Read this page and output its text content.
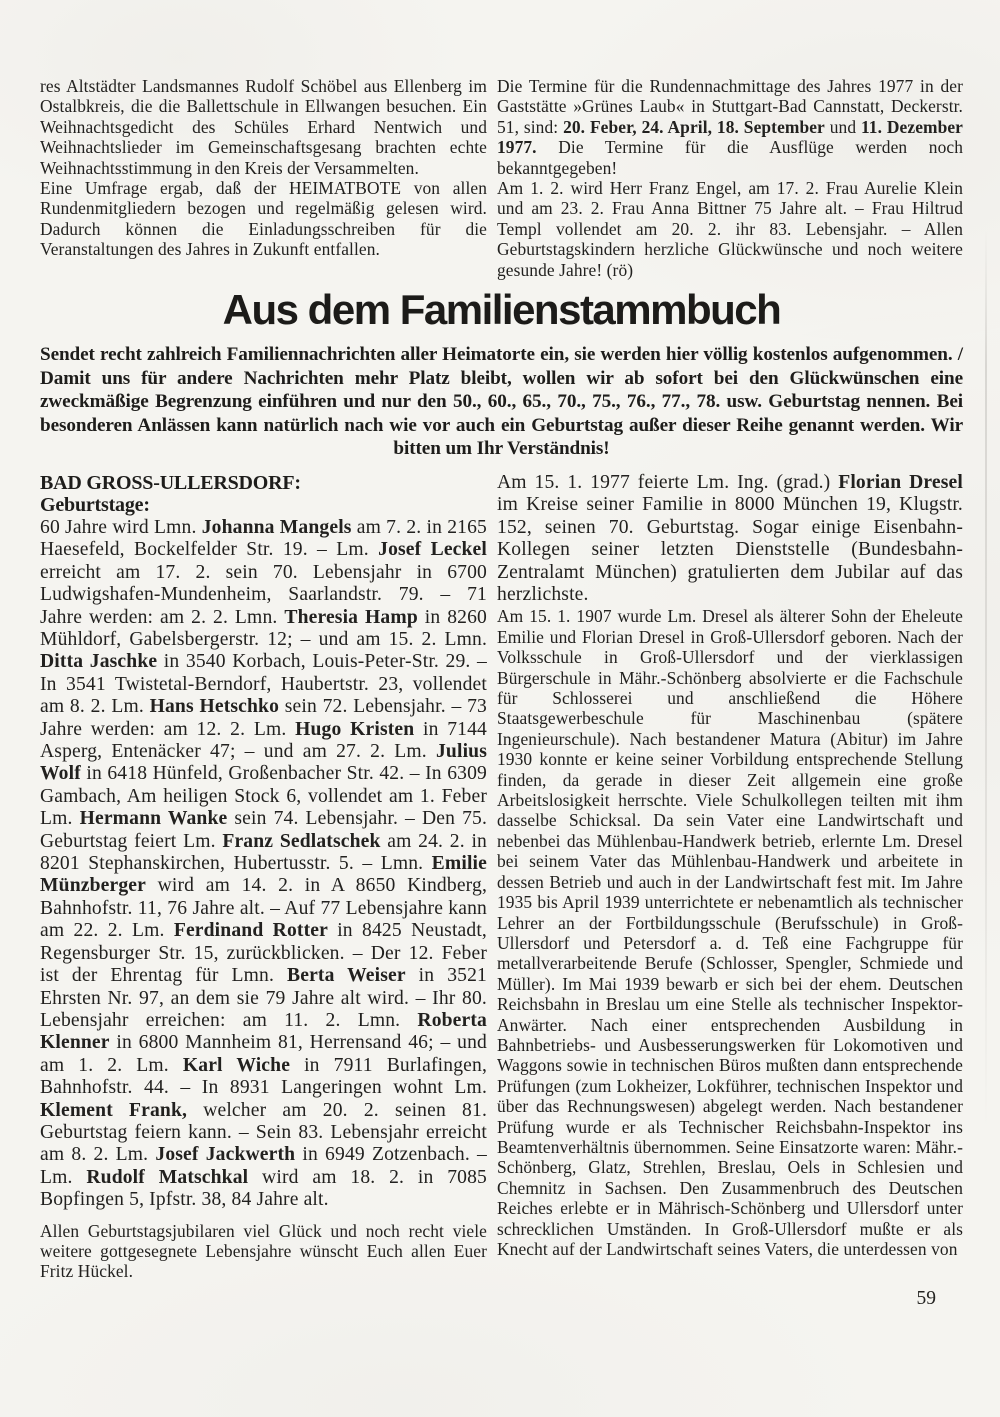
res Altstädter Landsmannes Rudolf Schöbel aus Ellenberg im Ostalbkreis, die die Ballettschule in Ellwangen besuchen. Ein Weihnachtsgedicht des Schüles Erhard Nentwich und Weihnachtslieder im Gemeinschaftsgesang brachten echte Weihnachtsstimmung in den Kreis der Versammelten.

Eine Umfrage ergab, daß der HEIMATBOTE von allen Rundenmitgliedern bezogen und regelmäßig gelesen wird. Dadurch können die Einladungsschreiben für die Veranstaltungen des Jahres in Zukunft entfallen.

Die Termine für die Rundennachmittage des Jahres 1977 in der Gaststätte »Grünes Laub« in Stuttgart-Bad Cannstatt, Deckerstr. 51, sind: 20. Feber, 24. April, 18. September und 11. Dezember 1977. Die Termine für die Ausflüge werden noch bekanntgegeben!

Am 1. 2. wird Herr Franz Engel, am 17. 2. Frau Aurelie Klein und am 23. 2. Frau Anna Bittner 75 Jahre alt. – Frau Hiltrud Templ vollendet am 20. 2. ihr 83. Lebensjahr. – Allen Geburtstagskindern herzliche Glückwünsche und noch weitere gesunde Jahre! (rö)

Aus dem Familienstammbuch

Sendet recht zahlreich Familiennachrichten aller Heimatorte ein, sie werden hier völlig kostenlos aufgenommen. / Damit uns für andere Nachrichten mehr Platz bleibt, wollen wir ab sofort bei den Glückwünschen eine zweckmäßige Begrenzung einführen und nur den 50., 60., 65., 70., 75., 76., 77., 78. usw. Geburtstag nennen. Bei besonderen Anlässen kann natürlich nach wie vor auch ein Geburtstag außer dieser Reihe genannt werden. Wir bitten um Ihr Verständnis!

BAD GROSS-ULLERSDORF:
Geburtstage:

60 Jahre wird Lmn. Johanna Mangels am 7. 2. in 2165 Haesefeld, Bockelfelder Str. 19. – Lm. Josef Leckel erreicht am 17. 2. sein 70. Lebensjahr in 6700 Ludwigshafen-Mundenheim, Saarlandstr. 79. – 71 Jahre werden: am 2. 2. Lmn. Theresia Hamp in 8260 Mühldorf, Gabelsbergerstr. 12; – und am 15. 2. Lmn. Ditta Jaschke in 3540 Korbach, Louis-Peter-Str. 29. – In 3541 Twistetal-Berndorf, Haubertstr. 23, vollendet am 8. 2. Lm. Hans Hetschko sein 72. Lebensjahr. – 73 Jahre werden: am 12. 2. Lm. Hugo Kristen in 7144 Asperg, Entenäcker 47; – und am 27. 2. Lm. Julius Wolf in 6418 Hünfeld, Großenbacher Str. 42. – In 6309 Gambach, Am heiligen Stock 6, vollendet am 1. Feber Lm. Hermann Wanke sein 74. Lebensjahr. – Den 75. Geburtstag feiert Lm. Franz Sedlatschek am 24. 2. in 8201 Stephanskirchen, Hubertusstr. 5. – Lmn. Emilie Münzberger wird am 14. 2. in A 8650 Kindberg, Bahnhofstr. 11, 76 Jahre alt. – Auf 77 Lebensjahre kann am 22. 2. Lm. Ferdinand Rotter in 8425 Neustadt, Regensburger Str. 15, zurückblicken. – Der 12. Feber ist der Ehrentag für Lmn. Berta Weiser in 3521 Ehrsten Nr. 97, an dem sie 79 Jahre alt wird. – Ihr 80. Lebensjahr erreichen: am 11. 2. Lmn. Roberta Klenner in 6800 Mannheim 81, Herrensand 46; – und am 1. 2. Lm. Karl Wiche in 7911 Burlafingen, Bahnhofstr. 44. – In 8931 Langeringen wohnt Lm. Klement Frank, welcher am 20. 2. seinen 81. Geburtstag feiern kann. – Sein 83. Lebensjahr erreicht am 8. 2. Lm. Josef Jackwerth in 6949 Zotzenbach. – Lm. Rudolf Matschkal wird am 18. 2. in 7085 Bopfingen 5, Ipfstr. 38, 84 Jahre alt.

Allen Geburtstagsjubilaren viel Glück und noch recht viele weitere gottgesegnete Lebensjahre wünscht Euch allen Euer Fritz Hückel.

Am 15. 1. 1977 feierte Lm. Ing. (grad.) Florian Dresel im Kreise seiner Familie in 8000 München 19, Klugstr. 152, seinen 70. Geburtstag. Sogar einige Eisenbahn-Kollegen seiner letzten Dienststelle (Bundesbahn-Zentralamt München) gratulierten dem Jubilar auf das herzlichste.

Am 15. 1. 1907 wurde Lm. Dresel als älterer Sohn der Eheleute Emilie und Florian Dresel in Groß-Ullersdorf geboren. Nach der Volksschule in Groß-Ullersdorf und der vierklassigen Bürgerschule in Mähr.-Schönberg absolvierte er die Fachschule für Schlosserei und anschließend die Höhere Staatsgewerbeschule für Maschinenbau (spätere Ingenieurschule). Nach bestandener Matura (Abitur) im Jahre 1930 konnte er keine seiner Vorbildung entsprechende Stellung finden, da gerade in dieser Zeit allgemein eine große Arbeitslosigkeit herrschte. Viele Schulkollegen teilten mit ihm dasselbe Schicksal. Da sein Vater eine Landwirtschaft und nebenbei das Mühlenbau-Handwerk betrieb, erlernte Lm. Dresel bei seinem Vater das Mühlenbau-Handwerk und arbeitete in dessen Betrieb und auch in der Landwirtschaft fest mit. Im Jahre 1935 bis April 1939 unterrichtete er nebenamtlich als technischer Lehrer an der Fortbildungsschule (Berufsschule) in Groß-Ullersdorf und Petersdorf a. d. Teß eine Fachgruppe für metallverarbeitende Berufe (Schlosser, Spengler, Schmiede und Müller). Im Mai 1939 bewarb er sich bei der ehem. Deutschen Reichsbahn in Breslau um eine Stelle als technischer Inspektor-Anwärter. Nach einer entsprechenden Ausbildung in Bahnbetriebs- und Ausbesserungswerken für Lokomotiven und Waggons sowie in technischen Büros mußten dann entsprechende Prüfungen (zum Lokheizer, Lokführer, technischen Inspektor und über das Rechnungswesen) abgelegt werden. Nach bestandener Prüfung wurde er als Technischer Reichsbahn-Inspektor ins Beamtenverhältnis übernommen. Seine Einsatzorte waren: Mähr.-Schönberg, Glatz, Strehlen, Breslau, Oels in Schlesien und Chemnitz in Sachsen. Den Zusammenbruch des Deutschen Reiches erlebte er in Mährisch-Schönberg und Ullersdorf unter schrecklichen Umständen. In Groß-Ullersdorf mußte er als Knecht auf der Landwirtschaft seines Vaters, die unterdessen von

59
